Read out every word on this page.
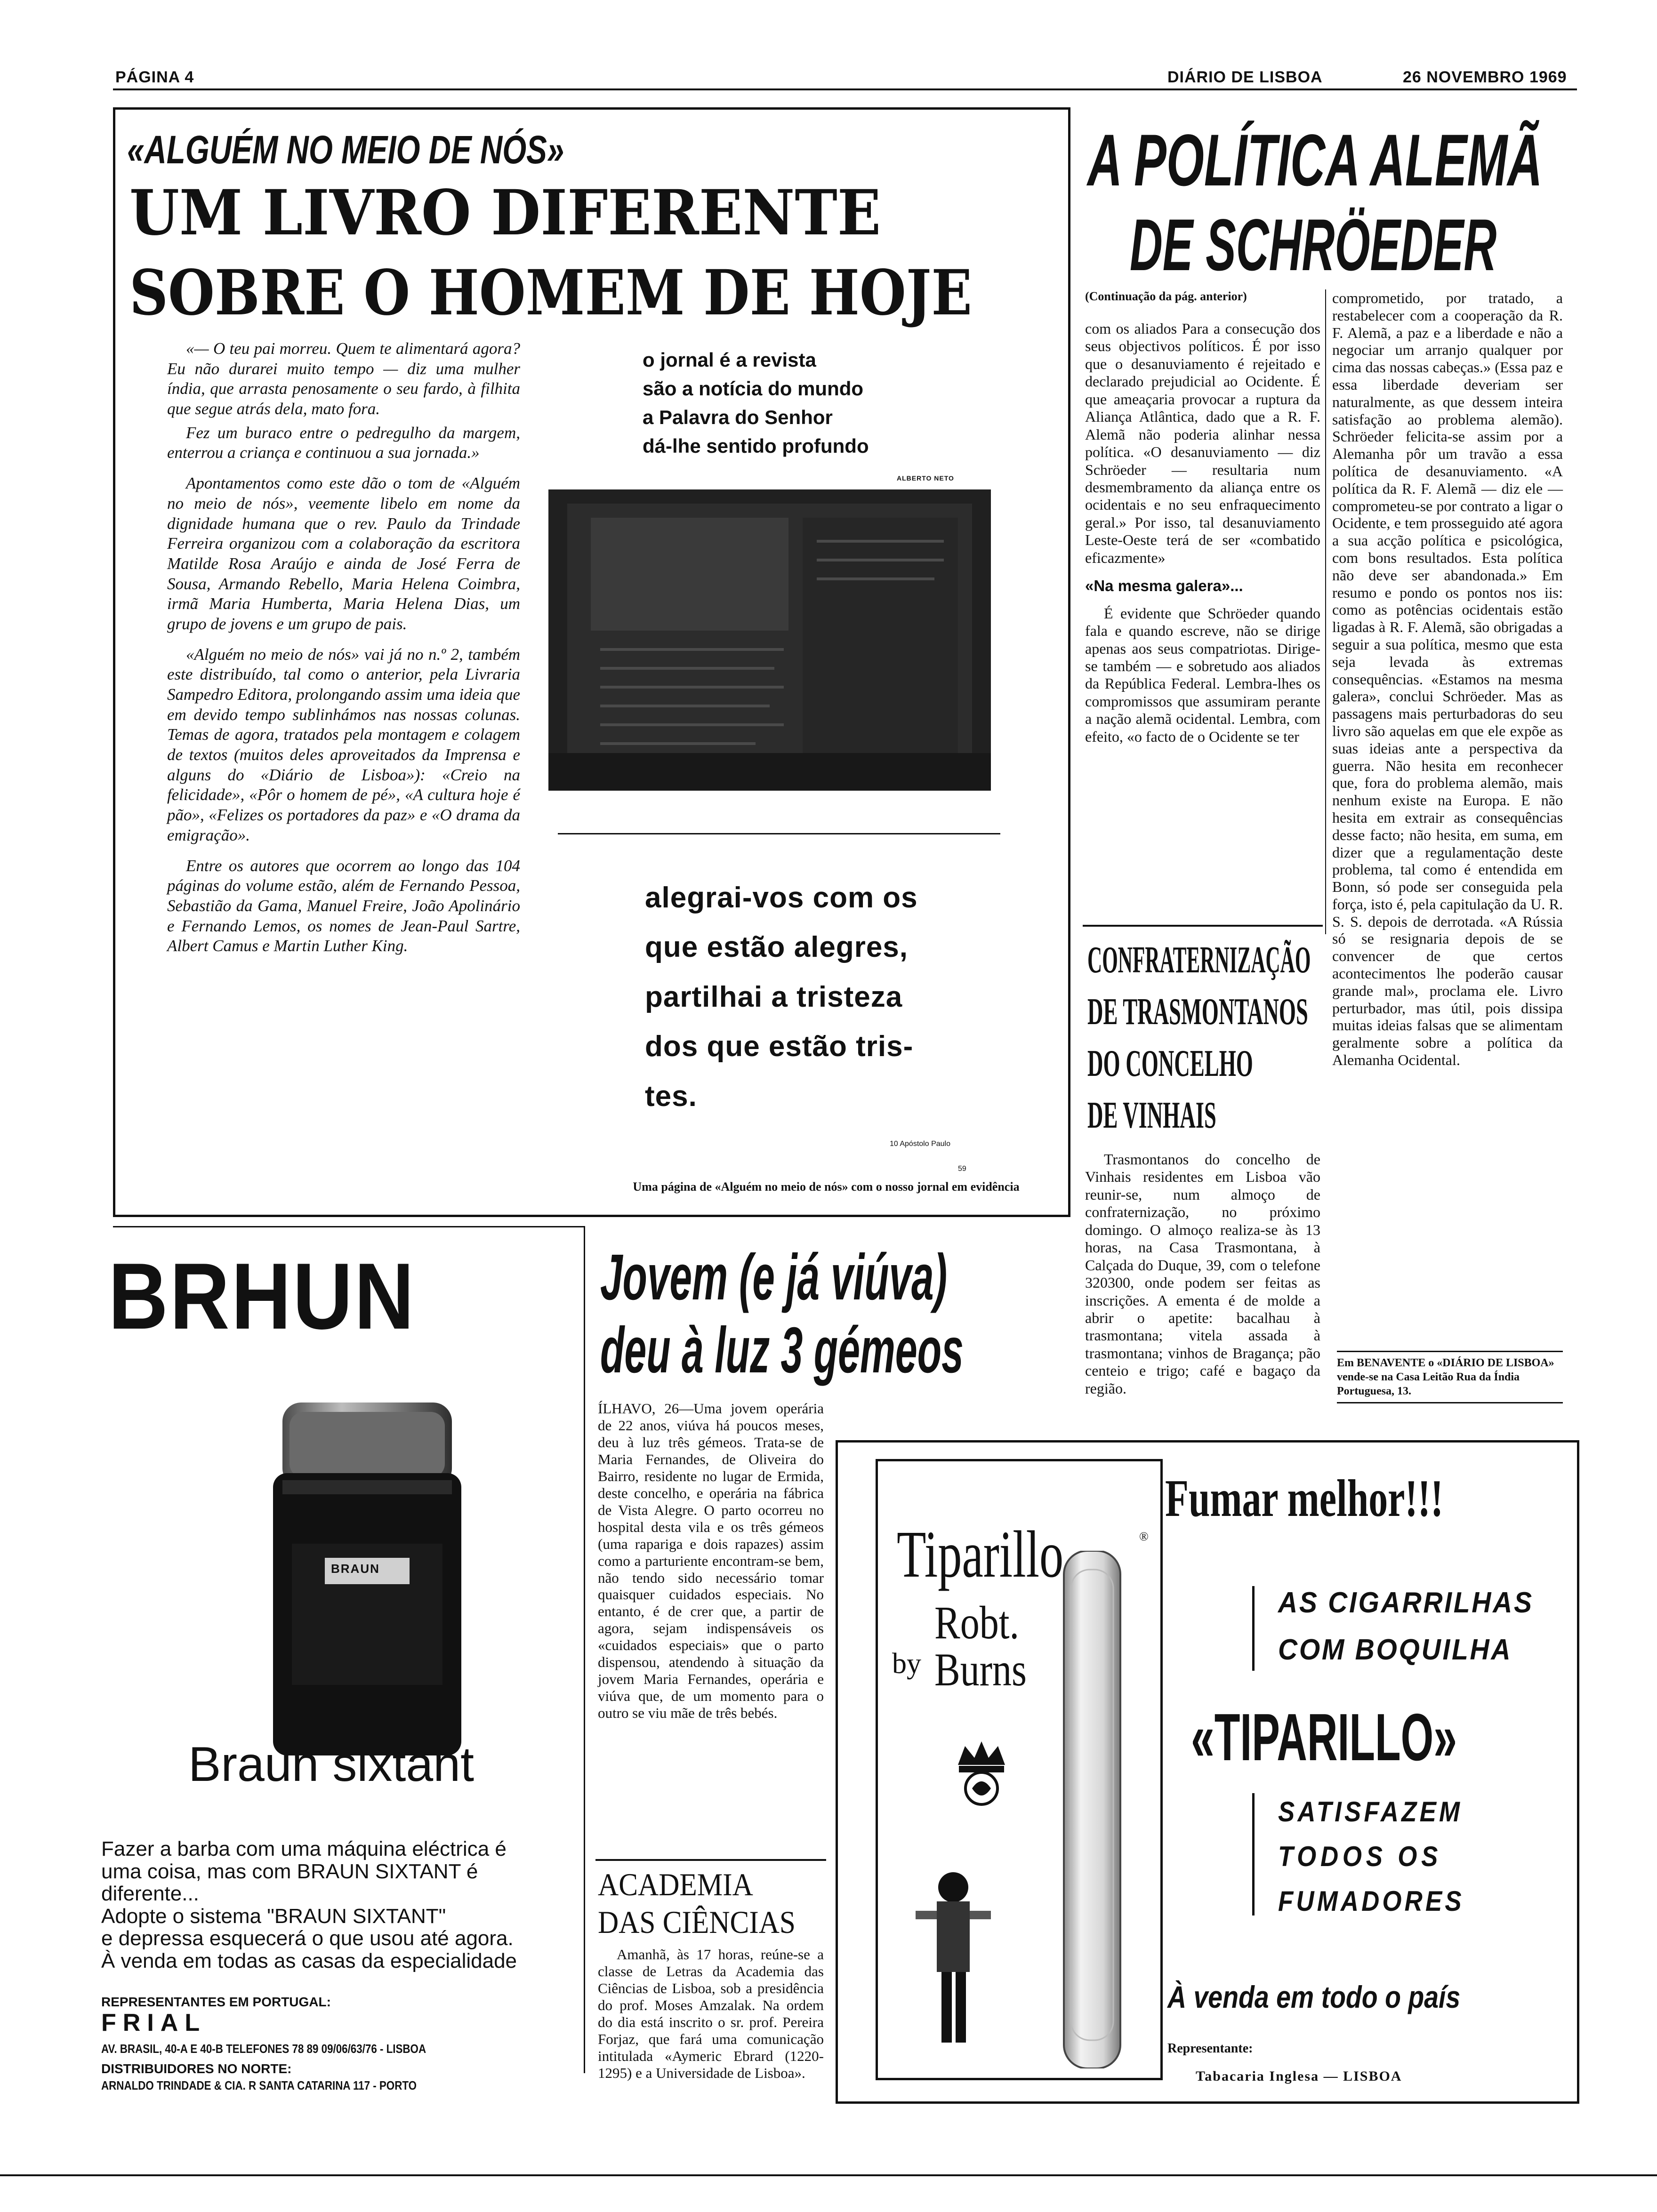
PÁGINA 4	DIÁRIO DE LISBOA	26 NOVEMBRO 1969
«ALGUÉM NO MEIO DE NÓS»
UM LIVRO DIFERENTE
SOBRE O HOMEM DE HOJE

«— O teu pai morreu. Quem te alimentará agora? Eu não durarei muito tempo — diz uma mulher índia, que arrasta penosamente o seu fardo, à filhita que segue atrás dela, mato fora.

Fez um buraco entre o pedregulho da margem, enterrou a criança e continuou a sua jornada.»

Apontamentos como este dão o tom de «Alguém no meio de nós», veemente libelo em nome da dignidade humana que o rev. Paulo da Trindade Ferreira organizou com a colaboração da escritora Matilde Rosa Araújo e ainda de José Ferra de Sousa, Armando Rebello, Maria Helena Coimbra, irmã Maria Humberta, Maria Helena Dias, um grupo de jovens e um grupo de pais.

«Alguém no meio de nós» vai já no n.º 2, também este distribuído, tal como o anterior, pela Livraria Sampedro Editora, prolongando assim uma ideia que em devido tempo sublinhámos nas nossas colunas. Temas de agora, tratados pela montagem e colagem de textos (muitos deles aproveitados da Imprensa e alguns do «Diário de Lisboa»): «Creio na felicidade», «Pôr o homem de pé», «A cultura hoje é pão», «Felizes os portadores da paz» e «O drama da emigração».

Entre os autores que ocorrem ao longo das 104 páginas do volume estão, além de Fernando Pessoa, Sebastião da Gama, Manuel Freire, João Apolinário e Fernando Lemos, os nomes de Jean-Paul Sartre, Albert Camus e Martin Luther King.

o jornal é a revista
são a notícia do mundo
a Palavra do Senhor
dá-lhe sentido profundo
ALBERTO NETO
alegrai-vos com os
que estão alegres,
partilhai a tristeza
dos que estão tris-
tes.
10 Apóstolo Paulo
59
Uma página de «Alguém no meio de nós» com o nosso jornal em evidência
A POLÍTICA ALEMÃ
DE SCHRÖEDER
(Continuação da pág. anterior)

com os aliados Para a consecução dos seus objectivos políticos. É por isso que o desanuviamento é rejeitado e declarado prejudicial ao Ocidente. É que ameaçaria provocar a ruptura da Aliança Atlântica, dado que a R. F. Alemã não poderia alinhar nessa política. «O desanuviamento — diz Schröeder — resultaria num desmembramento da aliança entre os ocidentais e no seu enfraquecimento geral.» Por isso, tal desanuviamento Leste-Oeste terá de ser «combatido eficazmente»

«Na mesma galera»...

É evidente que Schröeder quando fala e quando escreve, não se dirige apenas aos seus compatriotas. Dirige-se também — e sobretudo aos aliados da República Federal. Lembra-lhes os compromissos que assumiram perante a nação alemã ocidental. Lembra, com efeito, «o facto de o Ocidente se ter

comprometido, por tratado, a restabelecer com a cooperação da R. F. Alemã, a paz e a liberdade e não a negociar um arranjo qualquer por cima das nossas cabeças.» (Essa paz e essa liberdade deveriam ser naturalmente, as que dessem inteira satisfação ao problema alemão). Schröeder felicita-se assim por a Alemanha pôr um travão a essa política de desanuviamento. «A política da R. F. Alemã — diz ele — comprometeu-se por contrato a ligar o Ocidente, e tem prosseguido até agora a sua acção política e psicológica, com bons resultados. Esta política não deve ser abandonada.» Em resumo e pondo os pontos nos iis: como as potências ocidentais estão ligadas à R. F. Alemã, são obrigadas a seguir a sua política, mesmo que esta seja levada às extremas consequências. «Estamos na mesma galera», conclui Schröeder. Mas as passagens mais perturbadoras do seu livro são aquelas em que ele expõe as suas ideias ante a perspectiva da guerra. Não hesita em reconhecer que, fora do problema alemão, mais nenhum existe na Europa. E não hesita em extrair as consequências desse facto; não hesita, em suma, em dizer que a regulamentação deste problema, tal como é entendida em Bonn, só pode ser conseguida pela força, isto é, pela capitulação da U. R. S. S. depois de derrotada. «A Rússia só se resignaria depois de se convencer de que certos acontecimentos lhe poderão causar grande mal», proclama ele. Livro perturbador, mas útil, pois dissipa muitas ideias falsas que se alimentam geralmente sobre a política da Alemanha Ocidental.

CONFRATERNIZAÇÃO
DE TRASMONTANOS
DO CONCELHO
DE VINHAIS

Trasmontanos do concelho de Vinhais residentes em Lisboa vão reunir-se, num almoço de confraternização, no próximo domingo. O almoço realiza-se às 13 horas, na Casa Trasmontana, à Calçada do Duque, 39, com o telefone 320300, onde podem ser feitas as inscrições. A ementa é de molde a abrir o apetite: bacalhau à trasmontana; vitela assada à trasmontana; vinhos de Bragança; pão centeio e trigo; café e bagaço da região.

Em BENAVENTE o «DIÁRIO DE LISBOA» vende-se na Casa Leitão Rua da Índia Portuguesa, 13.
BRHUN
BRAUN
Braun sixtant
Fazer a barba com uma máquina eléctrica é
uma coisa, mas com BRAUN SIXTANT é
diferente...
Adopte o sistema "BRAUN SIXTANT"
e depressa esquecerá o que usou até agora.
À venda em todas as casas da especialidade
REPRESENTANTES EM PORTUGAL:
FRIAL
AV. BRASIL, 40-A E 40-B TELEFONES 78 89 09/06/63/76 - LISBOA
DISTRIBUIDORES NO NORTE:
ARNALDO TRINDADE & CIA. R SANTA CATARINA 117 - PORTO
Jovem (e já viúva)
deu à luz 3 gémeos

ÍLHAVO, 26—Uma jovem operária de 22 anos, viúva há poucos meses, deu à luz três gémeos. Trata-se de Maria Fernandes, de Oliveira do Bairro, residente no lugar de Ermida, deste concelho, e operária na fábrica de Vista Alegre. O parto ocorreu no hospital desta vila e os três gémeos (uma rapariga e dois rapazes) assim como a parturiente encontram-se bem, não tendo sido necessário tomar quaisquer cuidados especiais. No entanto, é de crer que, a partir de agora, sejam indispensáveis os «cuidados especiais» que o parto dispensou, atendendo à situação da jovem Maria Fernandes, operária e viúva que, de um momento para o outro se viu mãe de três bebés.

ACADEMIA
DAS CIÊNCIAS

Amanhã, às 17 horas, reúne-se a classe de Letras da Academia das Ciências de Lisboa, sob a presidência do prof. Moses Amzalak. Na ordem do dia está inscrito o sr. prof. Pereira Forjaz, que fará uma comunicação intitulada «Aymeric Ebrard (1220-1295) e a Universidade de Lisboa».

Tiparillo	®
by
Robt.
Burns
Fumar melhor!!!
AS CIGARRILHAS
COM BOQUILHA
«TIPARILLO»
SATISFAZEM
TODOS OS
FUMADORES
À venda em todo o país
Representante:
Tabacaria Inglesa — LISBOA
